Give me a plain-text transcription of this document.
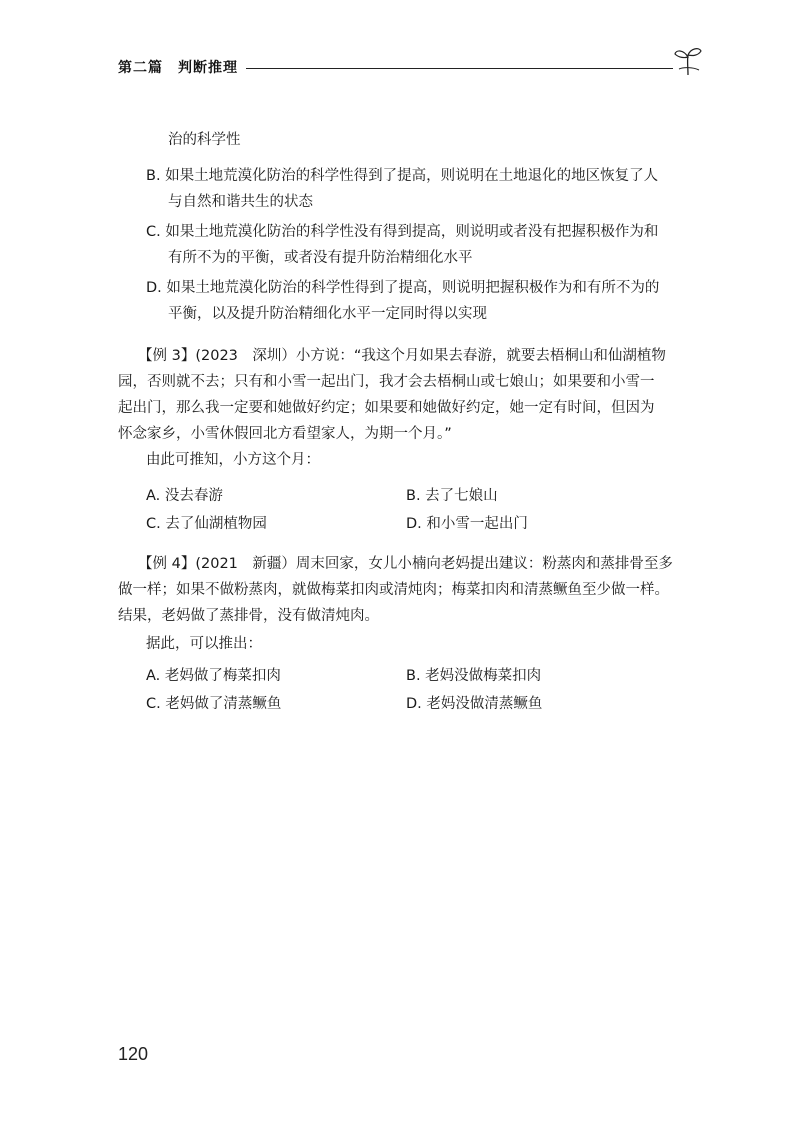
第二篇　判断推理
治的科学性
B. 如果土地荒漠化防治的科学性得到了提高，则说明在土地退化的地区恢复了人
与自然和谐共生的状态
C. 如果土地荒漠化防治的科学性没有得到提高，则说明或者没有把握积极作为和
有所不为的平衡，或者没有提升防治精细化水平
D. 如果土地荒漠化防治的科学性得到了提高，则说明把握积极作为和有所不为的
平衡，以及提升防治精细化水平一定同时得以实现
【例 3】(2023　深圳）小方说：“我这个月如果去春游，就要去梧桐山和仙湖植物
园，否则就不去；只有和小雪一起出门，我才会去梧桐山或七娘山；如果要和小雪一
起出门，那么我一定要和她做好约定；如果要和她做好约定，她一定有时间，但因为
怀念家乡，小雪休假回北方看望家人，为期一个月。”
由此可推知，小方这个月：
A. 没去春游	B. 去了七娘山
C. 去了仙湖植物园	D. 和小雪一起出门
【例 4】(2021　新疆）周末回家，女儿小楠向老妈提出建议：粉蒸肉和蒸排骨至多
做一样；如果不做粉蒸肉，就做梅菜扣肉或清炖肉；梅菜扣肉和清蒸鳜鱼至少做一样。
结果，老妈做了蒸排骨，没有做清炖肉。
据此，可以推出：
A. 老妈做了梅菜扣肉	B. 老妈没做梅菜扣肉
C. 老妈做了清蒸鳜鱼	D. 老妈没做清蒸鳜鱼
120
